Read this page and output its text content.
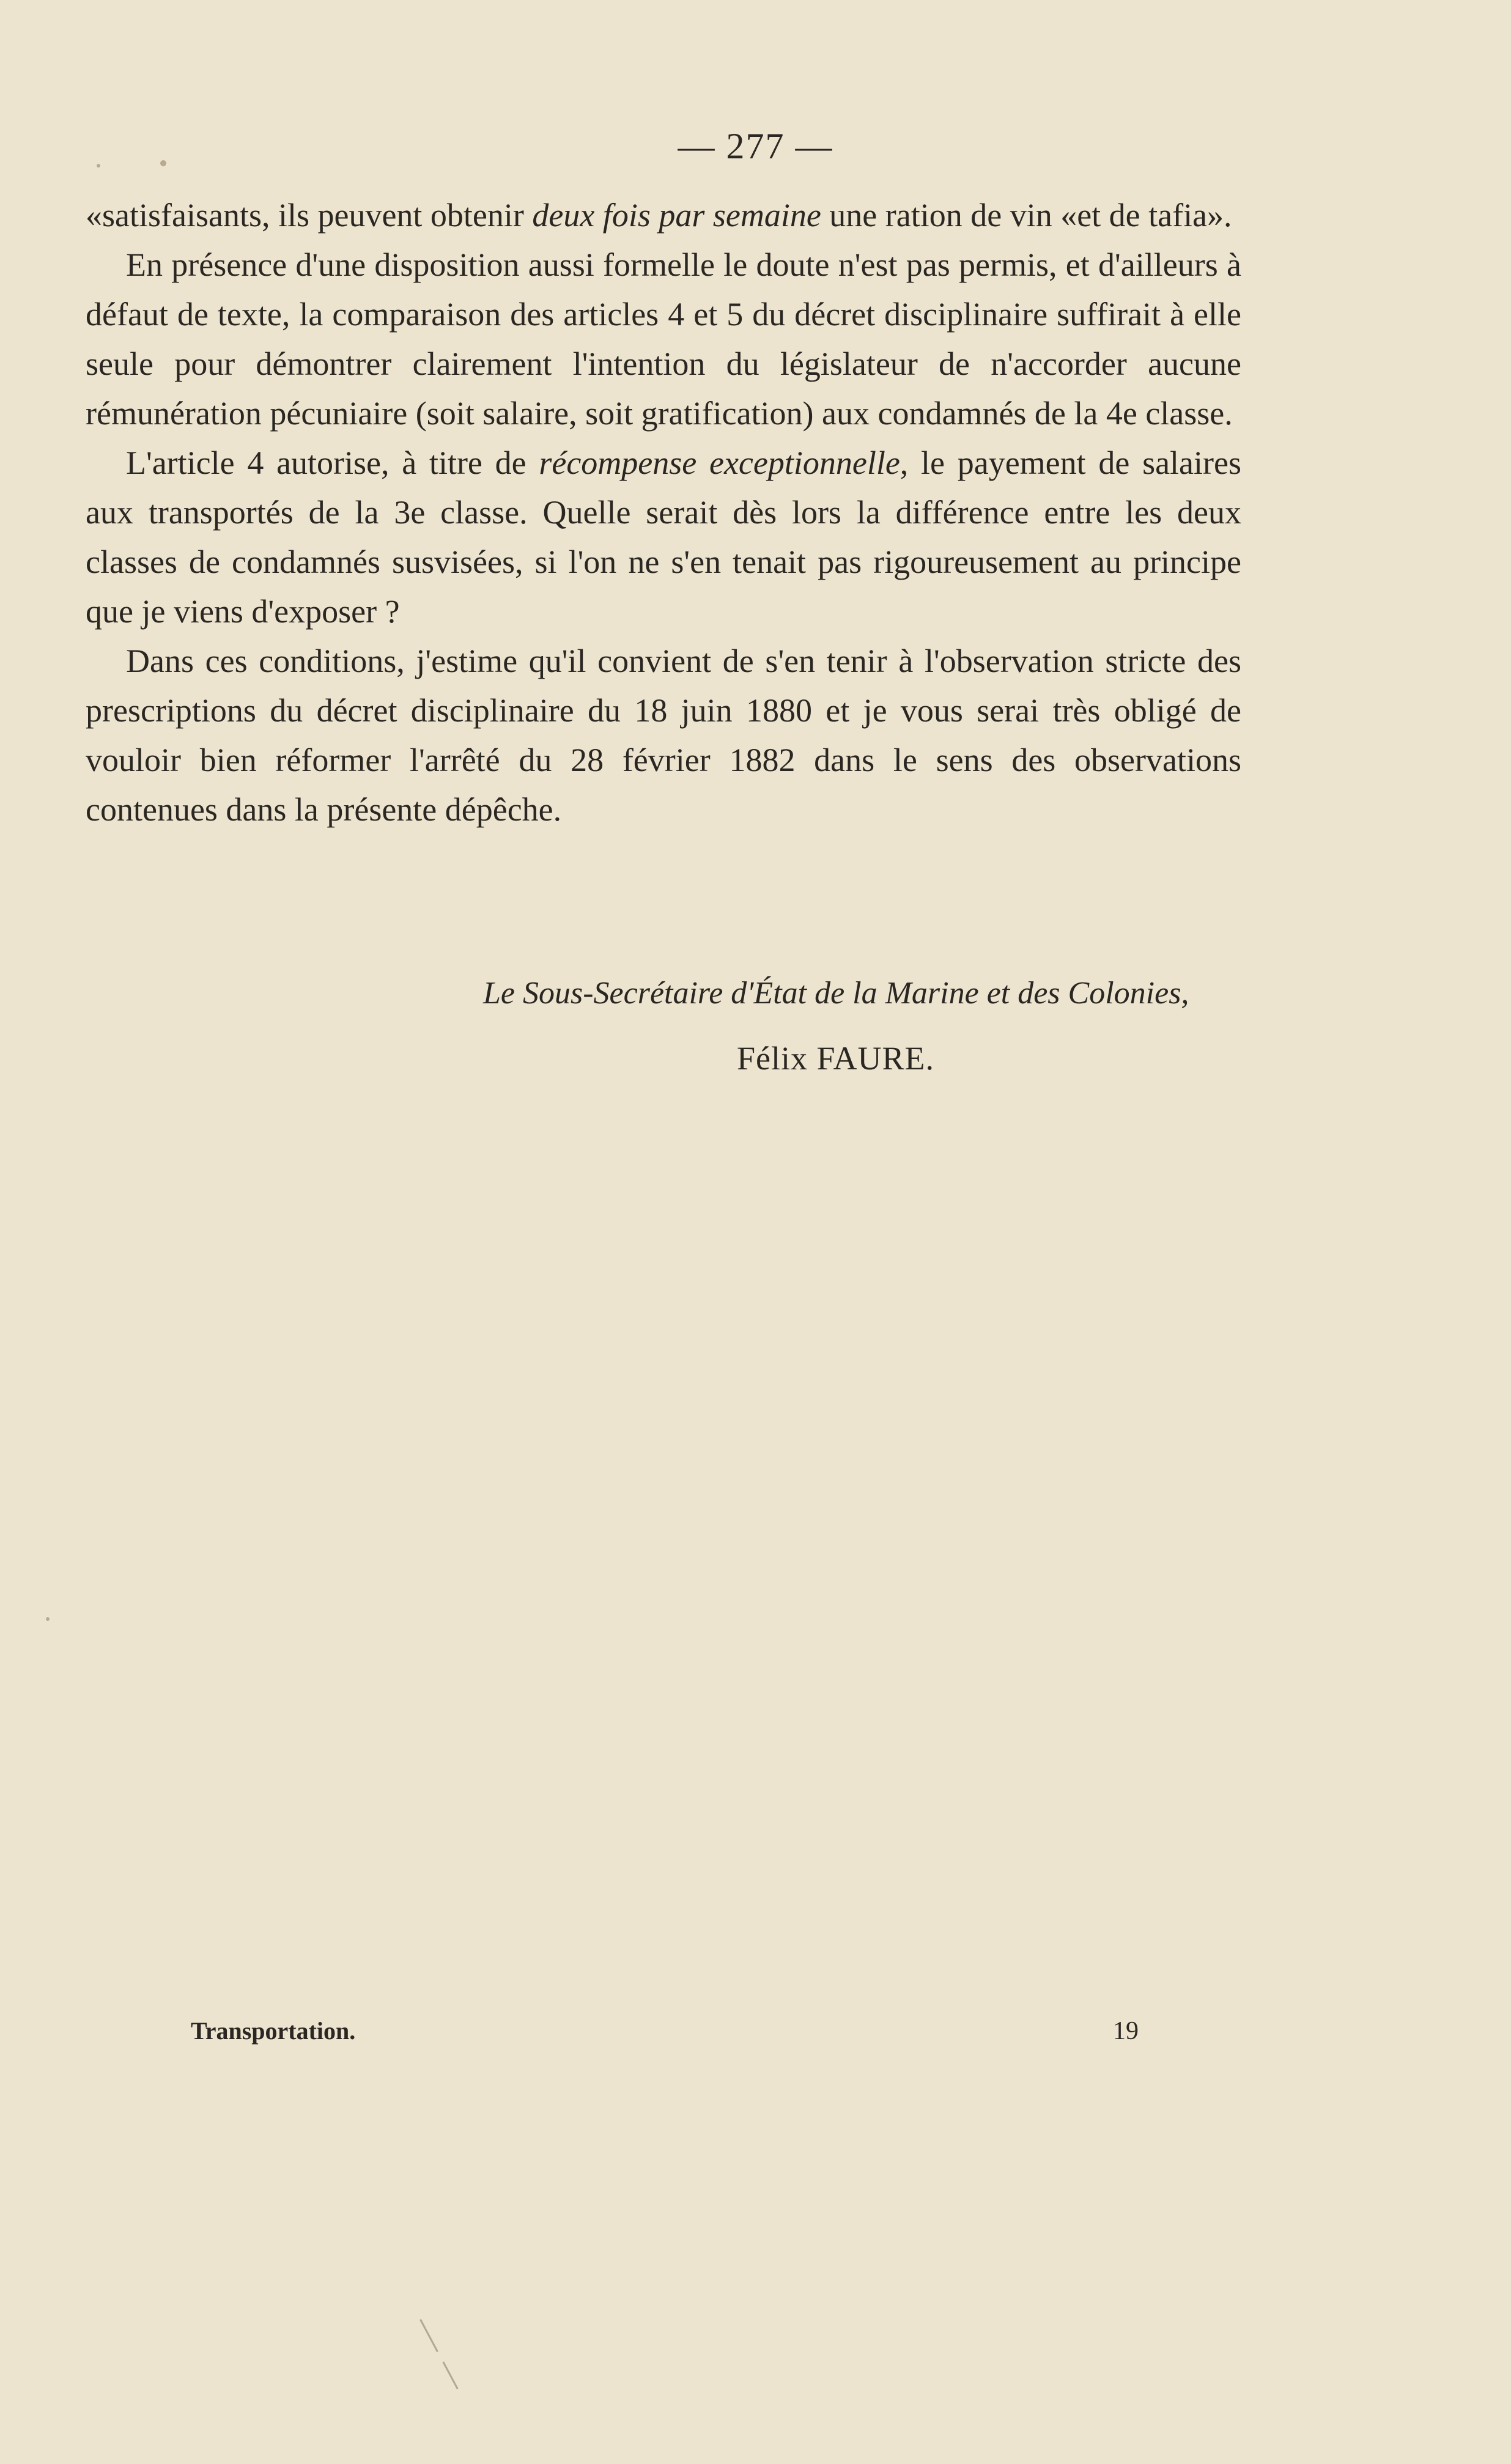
— 277 —

«satisfaisants, ils peuvent obtenir deux fois par semaine une ration de vin «et de tafia».

En présence d'une disposition aussi formelle le doute n'est pas permis, et d'ailleurs à défaut de texte, la comparaison des articles 4 et 5 du décret disciplinaire suffirait à elle seule pour démontrer clairement l'intention du législateur de n'accorder aucune rémunération pécuniaire (soit salaire, soit gratification) aux condamnés de la 4e classe.

L'article 4 autorise, à titre de récompense exceptionnelle, le payement de salaires aux transportés de la 3e classe. Quelle serait dès lors la différence entre les deux classes de condamnés susvisées, si l'on ne s'en tenait pas rigoureusement au principe que je viens d'exposer ?

Dans ces conditions, j'estime qu'il convient de s'en tenir à l'observation stricte des prescriptions du décret disciplinaire du 18 juin 1880 et je vous serai très obligé de vouloir bien réformer l'arrêté du 28 février 1882 dans le sens des observations contenues dans la présente dépêche.

Le Sous-Secrétaire d'État de la Marine et des Colonies,
Félix FAURE.
Transportation.	19
